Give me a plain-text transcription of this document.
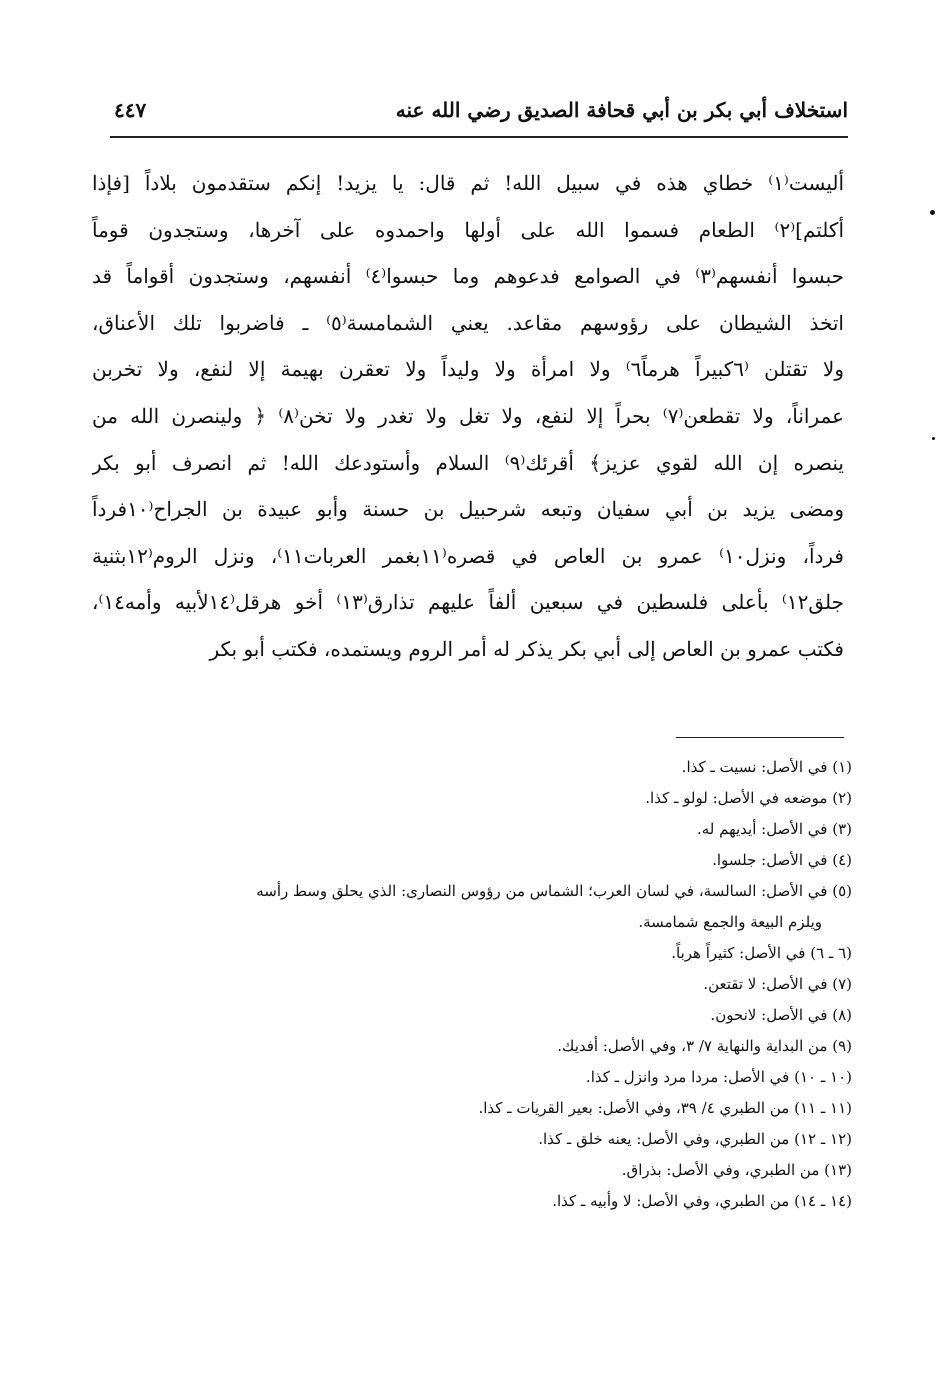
استخلاف أبي بكر بن أبي قحافة الصديق رضي الله عنه
٤٤٧
أليست⁽١⁾ خطاي هذه في سبيل الله! ثم قال: يا يزيد! إنكم ستقدمون بلاداً [فإذا
أكلتم]⁽٢⁾ الطعام فسموا الله على أولها واحمدوه على آخرها، وستجدون قوماً
حبسوا أنفسهم⁽٣⁾ في الصوامع فدعوهم وما حبسوا⁽٤⁾ أنفسهم، وستجدون أقواماً قد
اتخذ الشيطان على رؤوسهم مقاعد. يعني الشمامسة⁽٥⁾ ـ فاضربوا تلك الأعناق،
ولا تقتلن ⁽٦كبيراً هرماً٦⁾ ولا امرأة ولا وليداً ولا تعقرن بهيمة إلا لنفع، ولا تخربن
عمراناً، ولا تقطعن⁽٧⁾ بحراً إلا لنفع، ولا تغل ولا تغدر ولا تخن⁽٨⁾ ﴿ ولينصرن الله من
ينصره إن الله لقوي عزيز﴾ أقرئك⁽٩⁾ السلام وأستودعك الله! ثم انصرف أبو بكر
ومضى يزيد بن أبي سفيان وتبعه شرحبيل بن حسنة وأبو عبيدة بن الجراح⁽١٠فرداً
فرداً، ونزل١٠⁾ عمرو بن العاص في قصره⁽١١بغمر العربات١١⁾، ونزل الروم⁽١٢بثنية
جلق١٢⁾ بأعلى فلسطين في سبعين ألفاً عليهم تذارق⁽١٣⁾ أخو هرقل⁽١٤لأبيه وأمه١٤⁾،
فكتب عمرو بن العاص إلى أبي بكر يذكر له أمر الروم ويستمده، فكتب أبو بكر
(١) في الأصل: نسيت ـ كذا.
(٢) موضعه في الأصل: لولو ـ كذا.
(٣) في الأصل: أيديهم له.
(٤) في الأصل: جلسوا.
(٥) في الأصل: السالسة، في لسان العرب؛ الشماس من رؤوس النصارى: الذي يحلق وسط رأسه
ويلزم البيعة والجمع شمامسة.
(٦ ـ ٦) في الأصل: كثيراً هرباً.
(٧) في الأصل: لا تقتعن.
(٨) في الأصل: لانحون.
(٩) من البداية والنهاية ٧/ ٣، وفي الأصل: أفديك.
(١٠ ـ ١٠) في الأصل: مردا مرد وانزل ـ كذا.
(١١ ـ ١١) من الطبري ٤/ ٣٩، وفي الأصل: بعير القريات ـ كذا.
(١٢ ـ ١٢) من الطبري، وفي الأصل: يعنه خلق ـ كذا.
(١٣) من الطبري، وفي الأصل: بذراق.
(١٤ ـ ١٤) من الطبري، وفي الأصل: لا وأبيه ـ كذا.
